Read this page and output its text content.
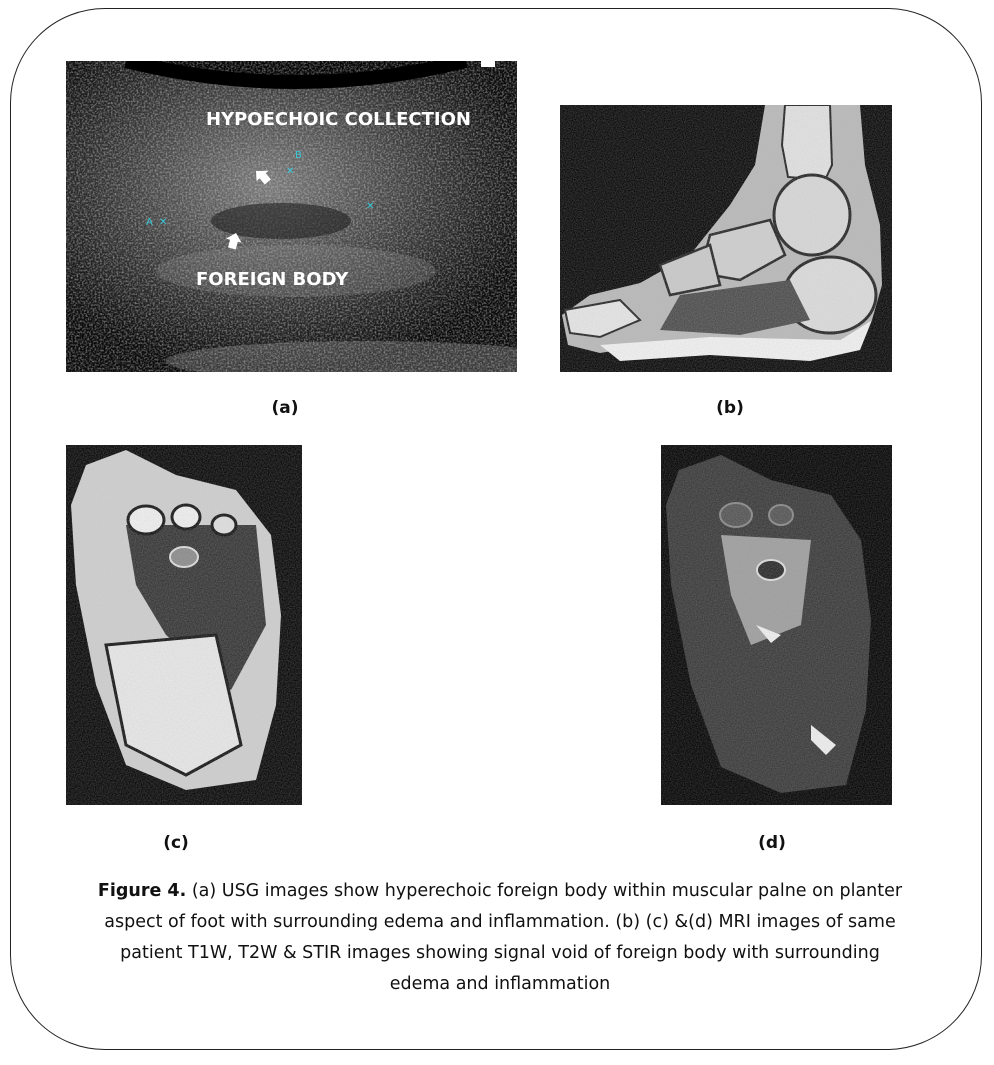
HYPOECHOIC COLLECTION
FOREIGN BODY
A ✕
B
✕
✕
(a)	(b)
(c)	(d)
Figure 4. (a) USG images show hyperechoic foreign body within muscular palne on planter aspect of foot with surrounding edema and inflammation. (b) (c) &(d) MRI images of same patient T1W, T2W & STIR images showing signal void of foreign body with surrounding edema and inflammation
